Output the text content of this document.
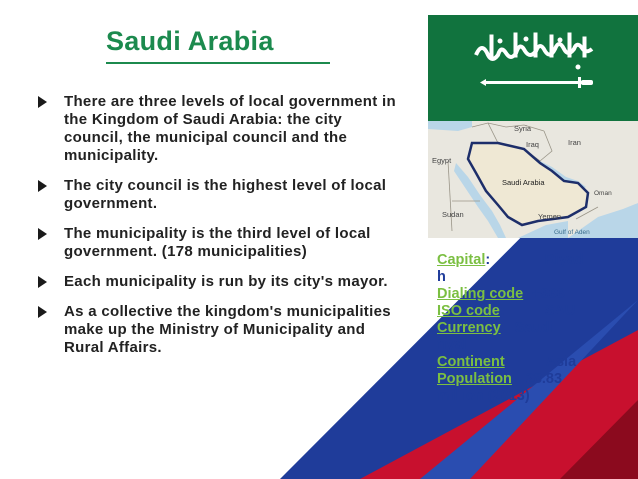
Saudi Arabia
There are three levels of local government in the Kingdom of Saudi Arabia: the city council, the municipal council and the municipality.
The city council is the highest level of local government.
The municipality is the third level of local government. (178 municipalities)
Each municipality is run by its city's mayor.
As a collective the kingdom's municipalities make up the Ministry of Municipality and Rural Affairs.
Syria
Iraq	Iran
Egypt
Saudi Arabia
Oman
Sudan	Yemen
Gulf of Aden
Capital:	Riyad
h
Dialing code: +966
ISO code:	SAU
Currency: Saudi
riyal
Continent: Asia
Population: 28.83
million (2013)
